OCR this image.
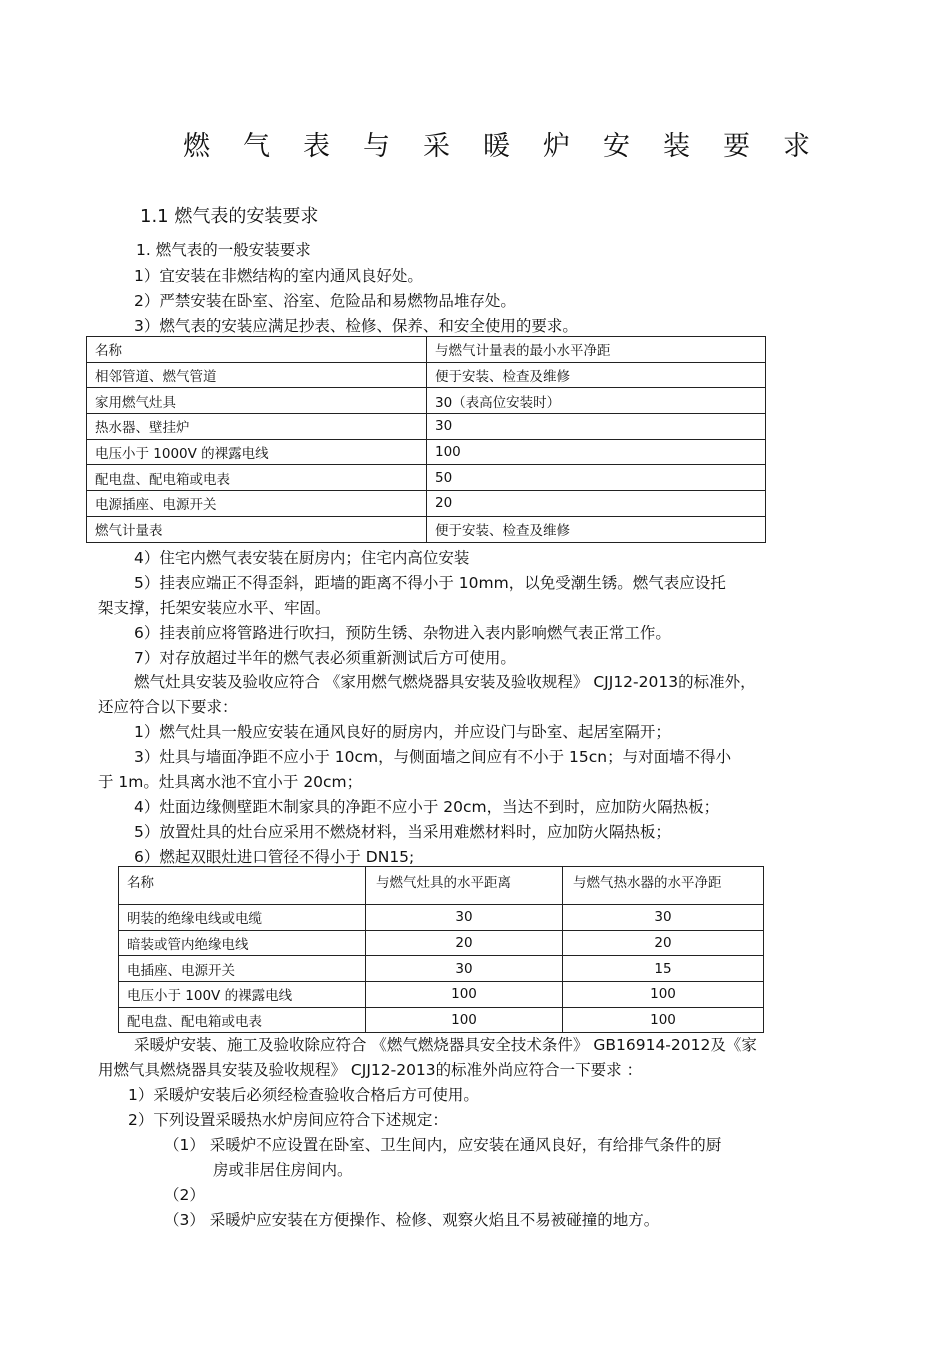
燃气表与采暖炉安装要求
1.1 燃气表的安装要求
1. 燃气表的一般安装要求
1）宜安装在非燃结构的室内通风良好处。
2）严禁安装在卧室、浴室、危险品和易燃物品堆存处。
3）燃气表的安装应满足抄表、检修、保养、和安全使用的要求。
名称	与燃气计量表的最小水平净距
相邻管道、燃气管道	便于安装、检查及维修
家用燃气灶具	30（表高位安装时）
热水器、壁挂炉	30
电压小于 1000V 的裸露电线	100
配电盘、配电箱或电表	50
电源插座、电源开关	20
燃气计量表	便于安装、检查及维修
4）住宅内燃气表安装在厨房内；住宅内高位安装
5）挂表应端正不得歪斜，距墙的距离不得小于 10mm，以免受潮生锈。燃气表应设托
架支撑，托架安装应水平、牢固。
6）挂表前应将管路进行吹扫，预防生锈、杂物进入表内影响燃气表正常工作。
7）对存放超过半年的燃气表必须重新测试后方可使用。
燃气灶具安装及验收应符合 《家用燃气燃烧器具安装及验收规程》 CJJ12-2013的标准外，
还应符合以下要求：
1）燃气灶具一般应安装在通风良好的厨房内，并应设门与卧室、起居室隔开；
3）灶具与墙面净距不应小于 10cm，与侧面墙之间应有不小于 15cn；与对面墙不得小
于 1m。灶具离水池不宜小于 20cm；
4）灶面边缘侧壁距木制家具的净距不应小于 20cm，当达不到时，应加防火隔热板；
5）放置灶具的灶台应采用不燃烧材料，当采用难燃材料时，应加防火隔热板；
6）燃起双眼灶进口管径不得小于 DN15;
名称	与燃气灶具的水平距离	与燃气热水器的水平净距
明装的绝缘电线或电缆	30	30
暗装或管内绝缘电线	20	20
电插座、电源开关	30	15
电压小于 100V 的裸露电线	100	100
配电盘、配电箱或电表	100	100
采暖炉安装、施工及验收除应符合 《燃气燃烧器具安全技术条件》 GB16914-2012及《家
用燃气具燃烧器具安装及验收规程》 CJJ12-2013的标准外尚应符合一下要求 ：
1）采暖炉安装后必须经检查验收合格后方可使用。
2）下列设置采暖热水炉房间应符合下述规定：
（1） 采暖炉不应设置在卧室、卫生间内，应安装在通风良好，有给排气条件的厨
房或非居住房间内。
（2）
（3） 采暖炉应安装在方便操作、检修、观察火焰且不易被碰撞的地方。
